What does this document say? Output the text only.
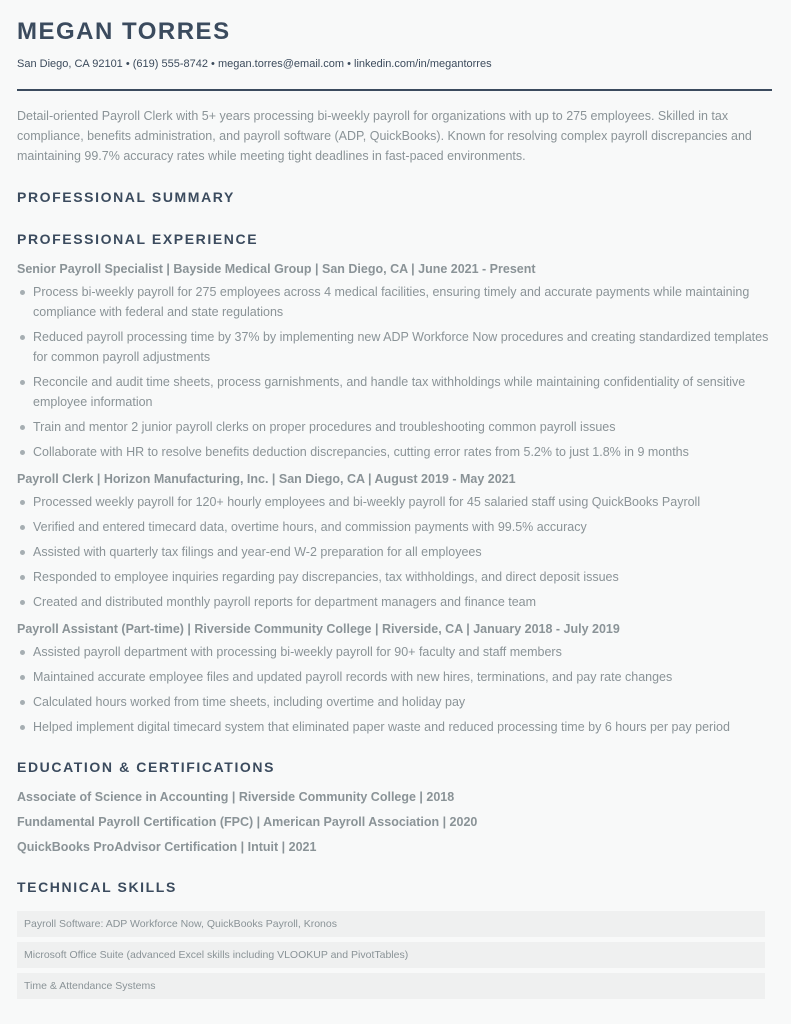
MEGAN TORRES
San Diego, CA 92101 • (619) 555-8742 • megan.torres@email.com • linkedin.com/in/megantorres
Detail-oriented Payroll Clerk with 5+ years processing bi-weekly payroll for organizations with up to 275 employees. Skilled in tax compliance, benefits administration, and payroll software (ADP, QuickBooks). Known for resolving complex payroll discrepancies and maintaining 99.7% accuracy rates while meeting tight deadlines in fast-paced environments.
PROFESSIONAL SUMMARY
PROFESSIONAL EXPERIENCE
Senior Payroll Specialist | Bayside Medical Group | San Diego, CA | June 2021 - Present
Process bi-weekly payroll for 275 employees across 4 medical facilities, ensuring timely and accurate payments while maintaining compliance with federal and state regulations
Reduced payroll processing time by 37% by implementing new ADP Workforce Now procedures and creating standardized templates for common payroll adjustments
Reconcile and audit time sheets, process garnishments, and handle tax withholdings while maintaining confidentiality of sensitive employee information
Train and mentor 2 junior payroll clerks on proper procedures and troubleshooting common payroll issues
Collaborate with HR to resolve benefits deduction discrepancies, cutting error rates from 5.2% to just 1.8% in 9 months
Payroll Clerk | Horizon Manufacturing, Inc. | San Diego, CA | August 2019 - May 2021
Processed weekly payroll for 120+ hourly employees and bi-weekly payroll for 45 salaried staff using QuickBooks Payroll
Verified and entered timecard data, overtime hours, and commission payments with 99.5% accuracy
Assisted with quarterly tax filings and year-end W-2 preparation for all employees
Responded to employee inquiries regarding pay discrepancies, tax withholdings, and direct deposit issues
Created and distributed monthly payroll reports for department managers and finance team
Payroll Assistant (Part-time) | Riverside Community College | Riverside, CA | January 2018 - July 2019
Assisted payroll department with processing bi-weekly payroll for 90+ faculty and staff members
Maintained accurate employee files and updated payroll records with new hires, terminations, and pay rate changes
Calculated hours worked from time sheets, including overtime and holiday pay
Helped implement digital timecard system that eliminated paper waste and reduced processing time by 6 hours per pay period
EDUCATION & CERTIFICATIONS
Associate of Science in Accounting | Riverside Community College | 2018
Fundamental Payroll Certification (FPC) | American Payroll Association | 2020
QuickBooks ProAdvisor Certification | Intuit | 2021
TECHNICAL SKILLS
Payroll Software: ADP Workforce Now, QuickBooks Payroll, Kronos
Microsoft Office Suite (advanced Excel skills including VLOOKUP and PivotTables)
Time & Attendance Systems
